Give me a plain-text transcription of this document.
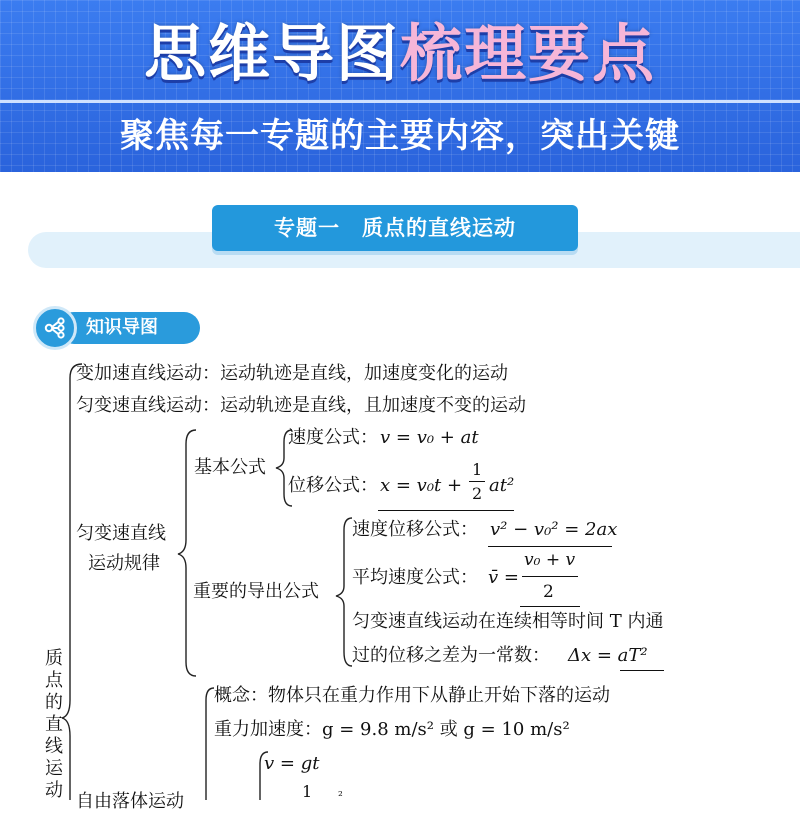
思维导图梳理要点
聚焦每一专题的主要内容，突出关键
专题一　质点的直线运动
知识导图
变加速直线运动：运动轨迹是直线，加速度变化的运动
匀变速直线运动：运动轨迹是直线，且加速度不变的运动
匀变速直线
运动规律
基本公式
速度公式： v = v₀ + at
位移公式： x = v₀t +
1
2 at²
重要的导出公式
速度位移公式： v² − v₀² = 2ax
平均速度公式： v̄ =
v₀ + v
2
匀变速直线运动在连续相等时间 T 内通
过的位移之差为一常数： Δx = aT²
质点的直线运动
概念：物体只在重力作用下从静止开始下落的运动
重力加速度：g = 9.8 m/s² 或 g = 10 m/s²
自由落体运动
v = gt
1 ²
